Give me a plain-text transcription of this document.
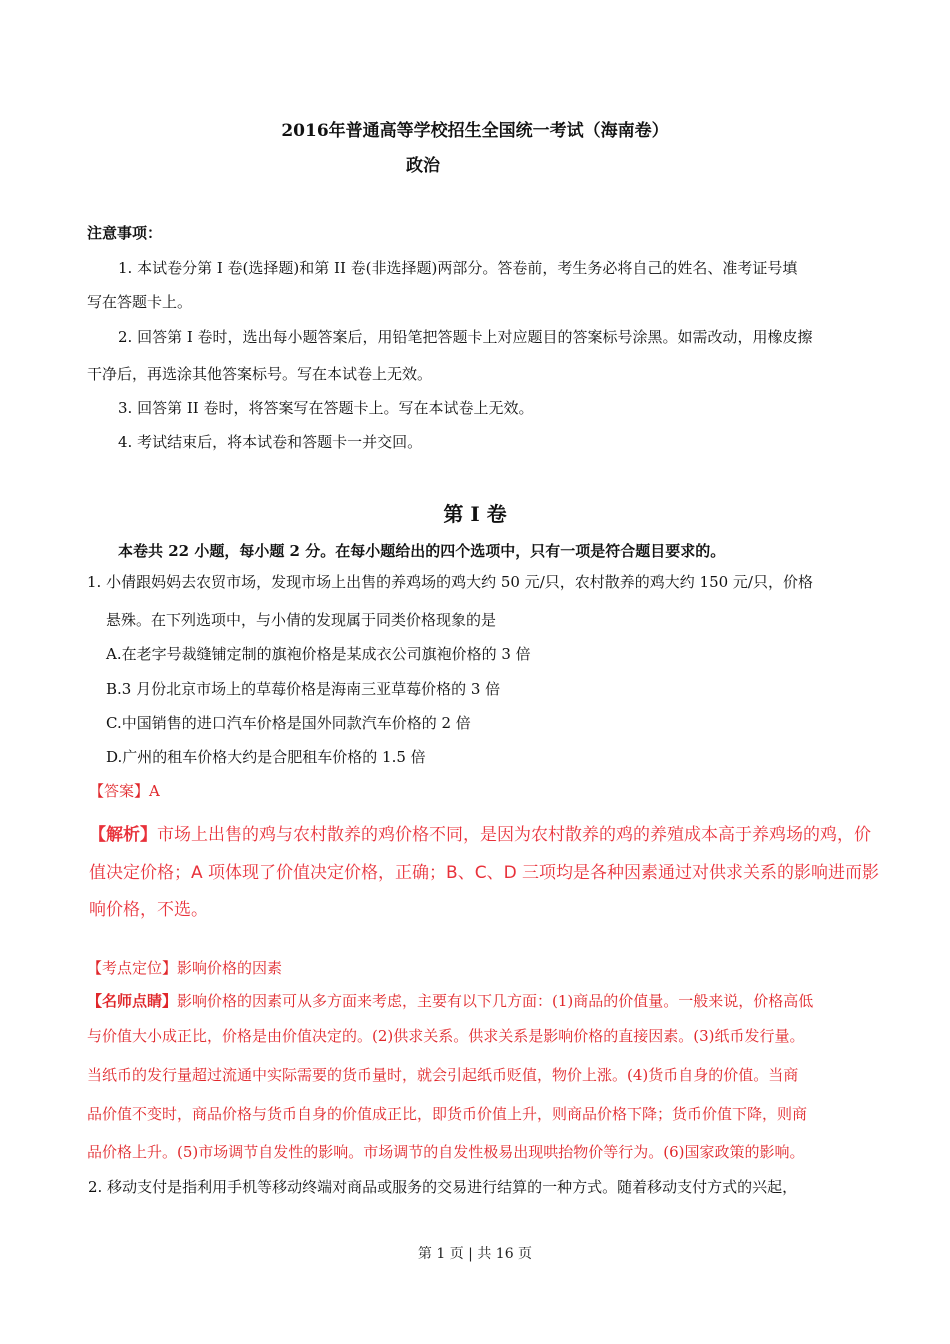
2016年普通高等学校招生全国统一考试（海南卷）
政治
注意事项：
1. 本试卷分第 I 卷(选择题)和第 II 卷(非选择题)两部分。答卷前，考生务必将自己的姓名、准考证号填
写在答题卡上。
2. 回答第 I 卷时，选出每小题答案后，用铅笔把答题卡上对应题目的答案标号涂黑。如需改动，用橡皮擦
干净后，再选涂其他答案标号。写在本试卷上无效。
3. 回答第 II 卷时，将答案写在答题卡上。写在本试卷上无效。
4. 考试结束后，将本试卷和答题卡一并交回。
第 I 卷
本卷共 22 小题，每小题 2 分。在每小题给出的四个选项中，只有一项是符合题目要求的。
1. 小倩跟妈妈去农贸市场，发现市场上出售的养鸡场的鸡大约 50 元/只，农村散养的鸡大约 150 元/只，价格
悬殊。在下列选项中，与小倩的发现属于同类价格现象的是
A.在老字号裁缝铺定制的旗袍价格是某成衣公司旗袍价格的 3 倍
B.3 月份北京市场上的草莓价格是海南三亚草莓价格的 3 倍
C.中国销售的进口汽车价格是国外同款汽车价格的 2 倍
D.广州的租车价格大约是合肥租车价格的 1.5 倍
【答案】A
【解析】市场上出售的鸡与农村散养的鸡价格不同，是因为农村散养的鸡的养殖成本高于养鸡场的鸡，价
值决定价格；A 项体现了价值决定价格，正确；B、C、D 三项均是各种因素通过对供求关系的影响进而影
响价格，不选。
【考点定位】影响价格的因素
【名师点睛】影响价格的因素可从多方面来考虑，主要有以下几方面：(1)商品的价值量。一般来说，价格高低
与价值大小成正比，价格是由价值决定的。(2)供求关系。供求关系是影响价格的直接因素。(3)纸币发行量。
当纸币的发行量超过流通中实际需要的货币量时，就会引起纸币贬值，物价上涨。(4)货币自身的价值。当商
品价值不变时，商品价格与货币自身的价值成正比，即货币价值上升，则商品价格下降；货币价值下降，则商
品价格上升。(5)市场调节自发性的影响。市场调节的自发性极易出现哄抬物价等行为。(6)国家政策的影响。
2. 移动支付是指利用手机等移动终端对商品或服务的交易进行结算的一种方式。随着移动支付方式的兴起，
第 1 页 | 共 16 页
